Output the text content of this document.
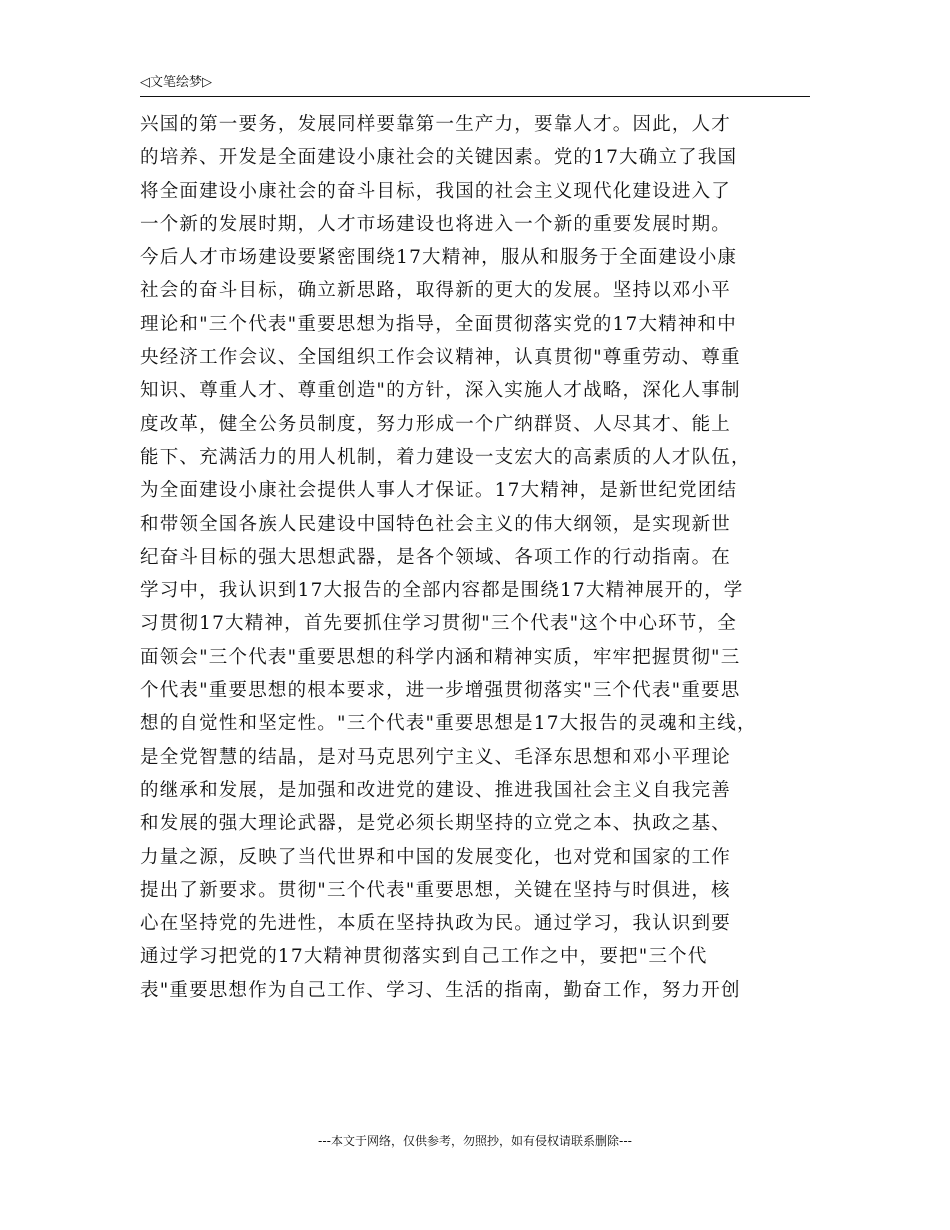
◁文笔绘梦▷
兴国的第一要务，发展同样要靠第一生产力，要靠人才。因此，人才
的培养、开发是全面建设小康社会的关键因素。党的17大确立了我国
将全面建设小康社会的奋斗目标，我国的社会主义现代化建设进入了
一个新的发展时期，人才市场建设也将进入一个新的重要发展时期。
今后人才市场建设要紧密围绕17大精神，服从和服务于全面建设小康
社会的奋斗目标，确立新思路，取得新的更大的发展。坚持以邓小平
理论和"三个代表"重要思想为指导，全面贯彻落实党的17大精神和中
央经济工作会议、全国组织工作会议精神，认真贯彻"尊重劳动、尊重
知识、尊重人才、尊重创造"的方针，深入实施人才战略，深化人事制
度改革，健全公务员制度，努力形成一个广纳群贤、人尽其才、能上
能下、充满活力的用人机制，着力建设一支宏大的高素质的人才队伍，
为全面建设小康社会提供人事人才保证。17大精神，是新世纪党团结
和带领全国各族人民建设中国特色社会主义的伟大纲领，是实现新世
纪奋斗目标的强大思想武器，是各个领域、各项工作的行动指南。在
学习中，我认识到17大报告的全部内容都是围绕17大精神展开的，学
习贯彻17大精神，首先要抓住学习贯彻"三个代表"这个中心环节，全
面领会"三个代表"重要思想的科学内涵和精神实质，牢牢把握贯彻"三
个代表"重要思想的根本要求，进一步增强贯彻落实"三个代表"重要思
想的自觉性和坚定性。"三个代表"重要思想是17大报告的灵魂和主线，
是全党智慧的结晶，是对马克思列宁主义、毛泽东思想和邓小平理论
的继承和发展，是加强和改进党的建设、推进我国社会主义自我完善
和发展的强大理论武器，是党必须长期坚持的立党之本、执政之基、
力量之源，反映了当代世界和中国的发展变化，也对党和国家的工作
提出了新要求。贯彻"三个代表"重要思想，关键在坚持与时俱进，核
心在坚持党的先进性，本质在坚持执政为民。通过学习，我认识到要
通过学习把党的17大精神贯彻落实到自己工作之中，要把"三个代
表"重要思想作为自己工作、学习、生活的指南，勤奋工作，努力开创
---本文于网络，仅供参考，勿照抄，如有侵权请联系删除---
